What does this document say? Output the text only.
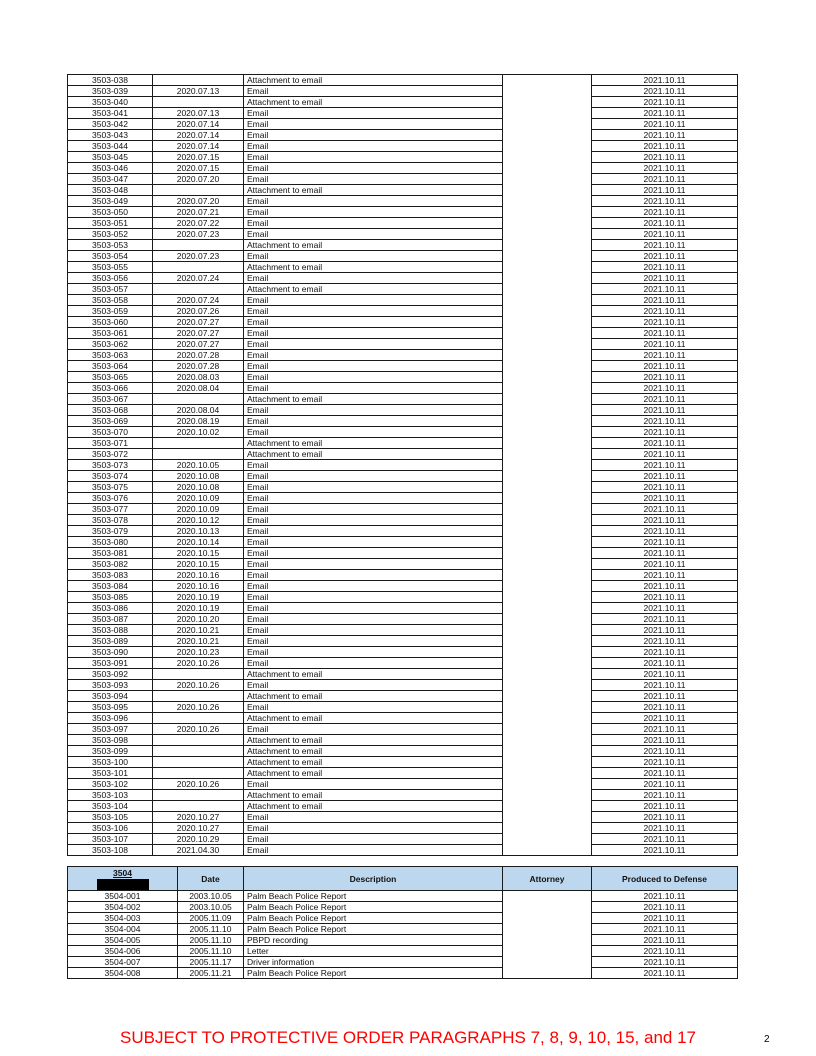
3503-038		Attachment to email		2021.10.11
3503-039	2020.07.13	Email		2021.10.11
3503-040		Attachment to email		2021.10.11
3503-041	2020.07.13	Email		2021.10.11
3503-042	2020.07.14	Email		2021.10.11
3503-043	2020.07.14	Email		2021.10.11
3503-044	2020.07.14	Email		2021.10.11
3503-045	2020.07.15	Email		2021.10.11
3503-046	2020.07.15	Email		2021.10.11
3503-047	2020.07.20	Email		2021.10.11
3503-048		Attachment to email		2021.10.11
3503-049	2020.07.20	Email		2021.10.11
3503-050	2020.07.21	Email		2021.10.11
3503-051	2020.07.22	Email		2021.10.11
3503-052	2020.07.23	Email		2021.10.11
3503-053		Attachment to email		2021.10.11
3503-054	2020.07.23	Email		2021.10.11
3503-055		Attachment to email		2021.10.11
3503-056	2020.07.24	Email		2021.10.11
3503-057		Attachment to email		2021.10.11
3503-058	2020.07.24	Email		2021.10.11
3503-059	2020.07.26	Email		2021.10.11
3503-060	2020.07.27	Email		2021.10.11
3503-061	2020.07.27	Email		2021.10.11
3503-062	2020.07.27	Email		2021.10.11
3503-063	2020.07.28	Email		2021.10.11
3503-064	2020.07.28	Email		2021.10.11
3503-065	2020.08.03	Email		2021.10.11
3503-066	2020.08.04	Email		2021.10.11
3503-067		Attachment to email		2021.10.11
3503-068	2020.08.04	Email		2021.10.11
3503-069	2020.08.19	Email		2021.10.11
3503-070	2020.10.02	Email		2021.10.11
3503-071		Attachment to email		2021.10.11
3503-072		Attachment to email		2021.10.11
3503-073	2020.10.05	Email		2021.10.11
3503-074	2020.10.08	Email		2021.10.11
3503-075	2020.10.08	Email		2021.10.11
3503-076	2020.10.09	Email		2021.10.11
3503-077	2020.10.09	Email		2021.10.11
3503-078	2020.10.12	Email		2021.10.11
3503-079	2020.10.13	Email		2021.10.11
3503-080	2020.10.14	Email		2021.10.11
3503-081	2020.10.15	Email		2021.10.11
3503-082	2020.10.15	Email		2021.10.11
3503-083	2020.10.16	Email		2021.10.11
3503-084	2020.10.16	Email		2021.10.11
3503-085	2020.10.19	Email		2021.10.11
3503-086	2020.10.19	Email		2021.10.11
3503-087	2020.10.20	Email		2021.10.11
3503-088	2020.10.21	Email		2021.10.11
3503-089	2020.10.21	Email		2021.10.11
3503-090	2020.10.23	Email		2021.10.11
3503-091	2020.10.26	Email		2021.10.11
3503-092		Attachment to email		2021.10.11
3503-093	2020.10.26	Email		2021.10.11
3503-094		Attachment to email		2021.10.11
3503-095	2020.10.26	Email		2021.10.11
3503-096		Attachment to email		2021.10.11
3503-097	2020.10.26	Email		2021.10.11
3503-098		Attachment to email		2021.10.11
3503-099		Attachment to email		2021.10.11
3503-100		Attachment to email		2021.10.11
3503-101		Attachment to email		2021.10.11
3503-102	2020.10.26	Email		2021.10.11
3503-103		Attachment to email		2021.10.11
3503-104		Attachment to email		2021.10.11
3503-105	2020.10.27	Email		2021.10.11
3503-106	2020.10.27	Email		2021.10.11
3503-107	2020.10.29	Email		2021.10.11
3503-108	2021.04.30	Email		2021.10.11
3504	Date	Description	Attorney	Produced to Defense
3504-001	2003.10.05	Palm Beach Police Report		2021.10.11
3504-002	2003.10.05	Palm Beach Police Report		2021.10.11
3504-003	2005.11.09	Palm Beach Police Report		2021.10.11
3504-004	2005.11.10	Palm Beach Police Report		2021.10.11
3504-005	2005.11.10	PBPD recording		2021.10.11
3504-006	2005.11.10	Letter		2021.10.11
3504-007	2005.11.17	Driver information		2021.10.11
3504-008	2005.11.21	Palm Beach Police Report		2021.10.11
SUBJECT TO PROTECTIVE ORDER PARAGRAPHS 7, 8, 9, 10, 15, and 17	2
